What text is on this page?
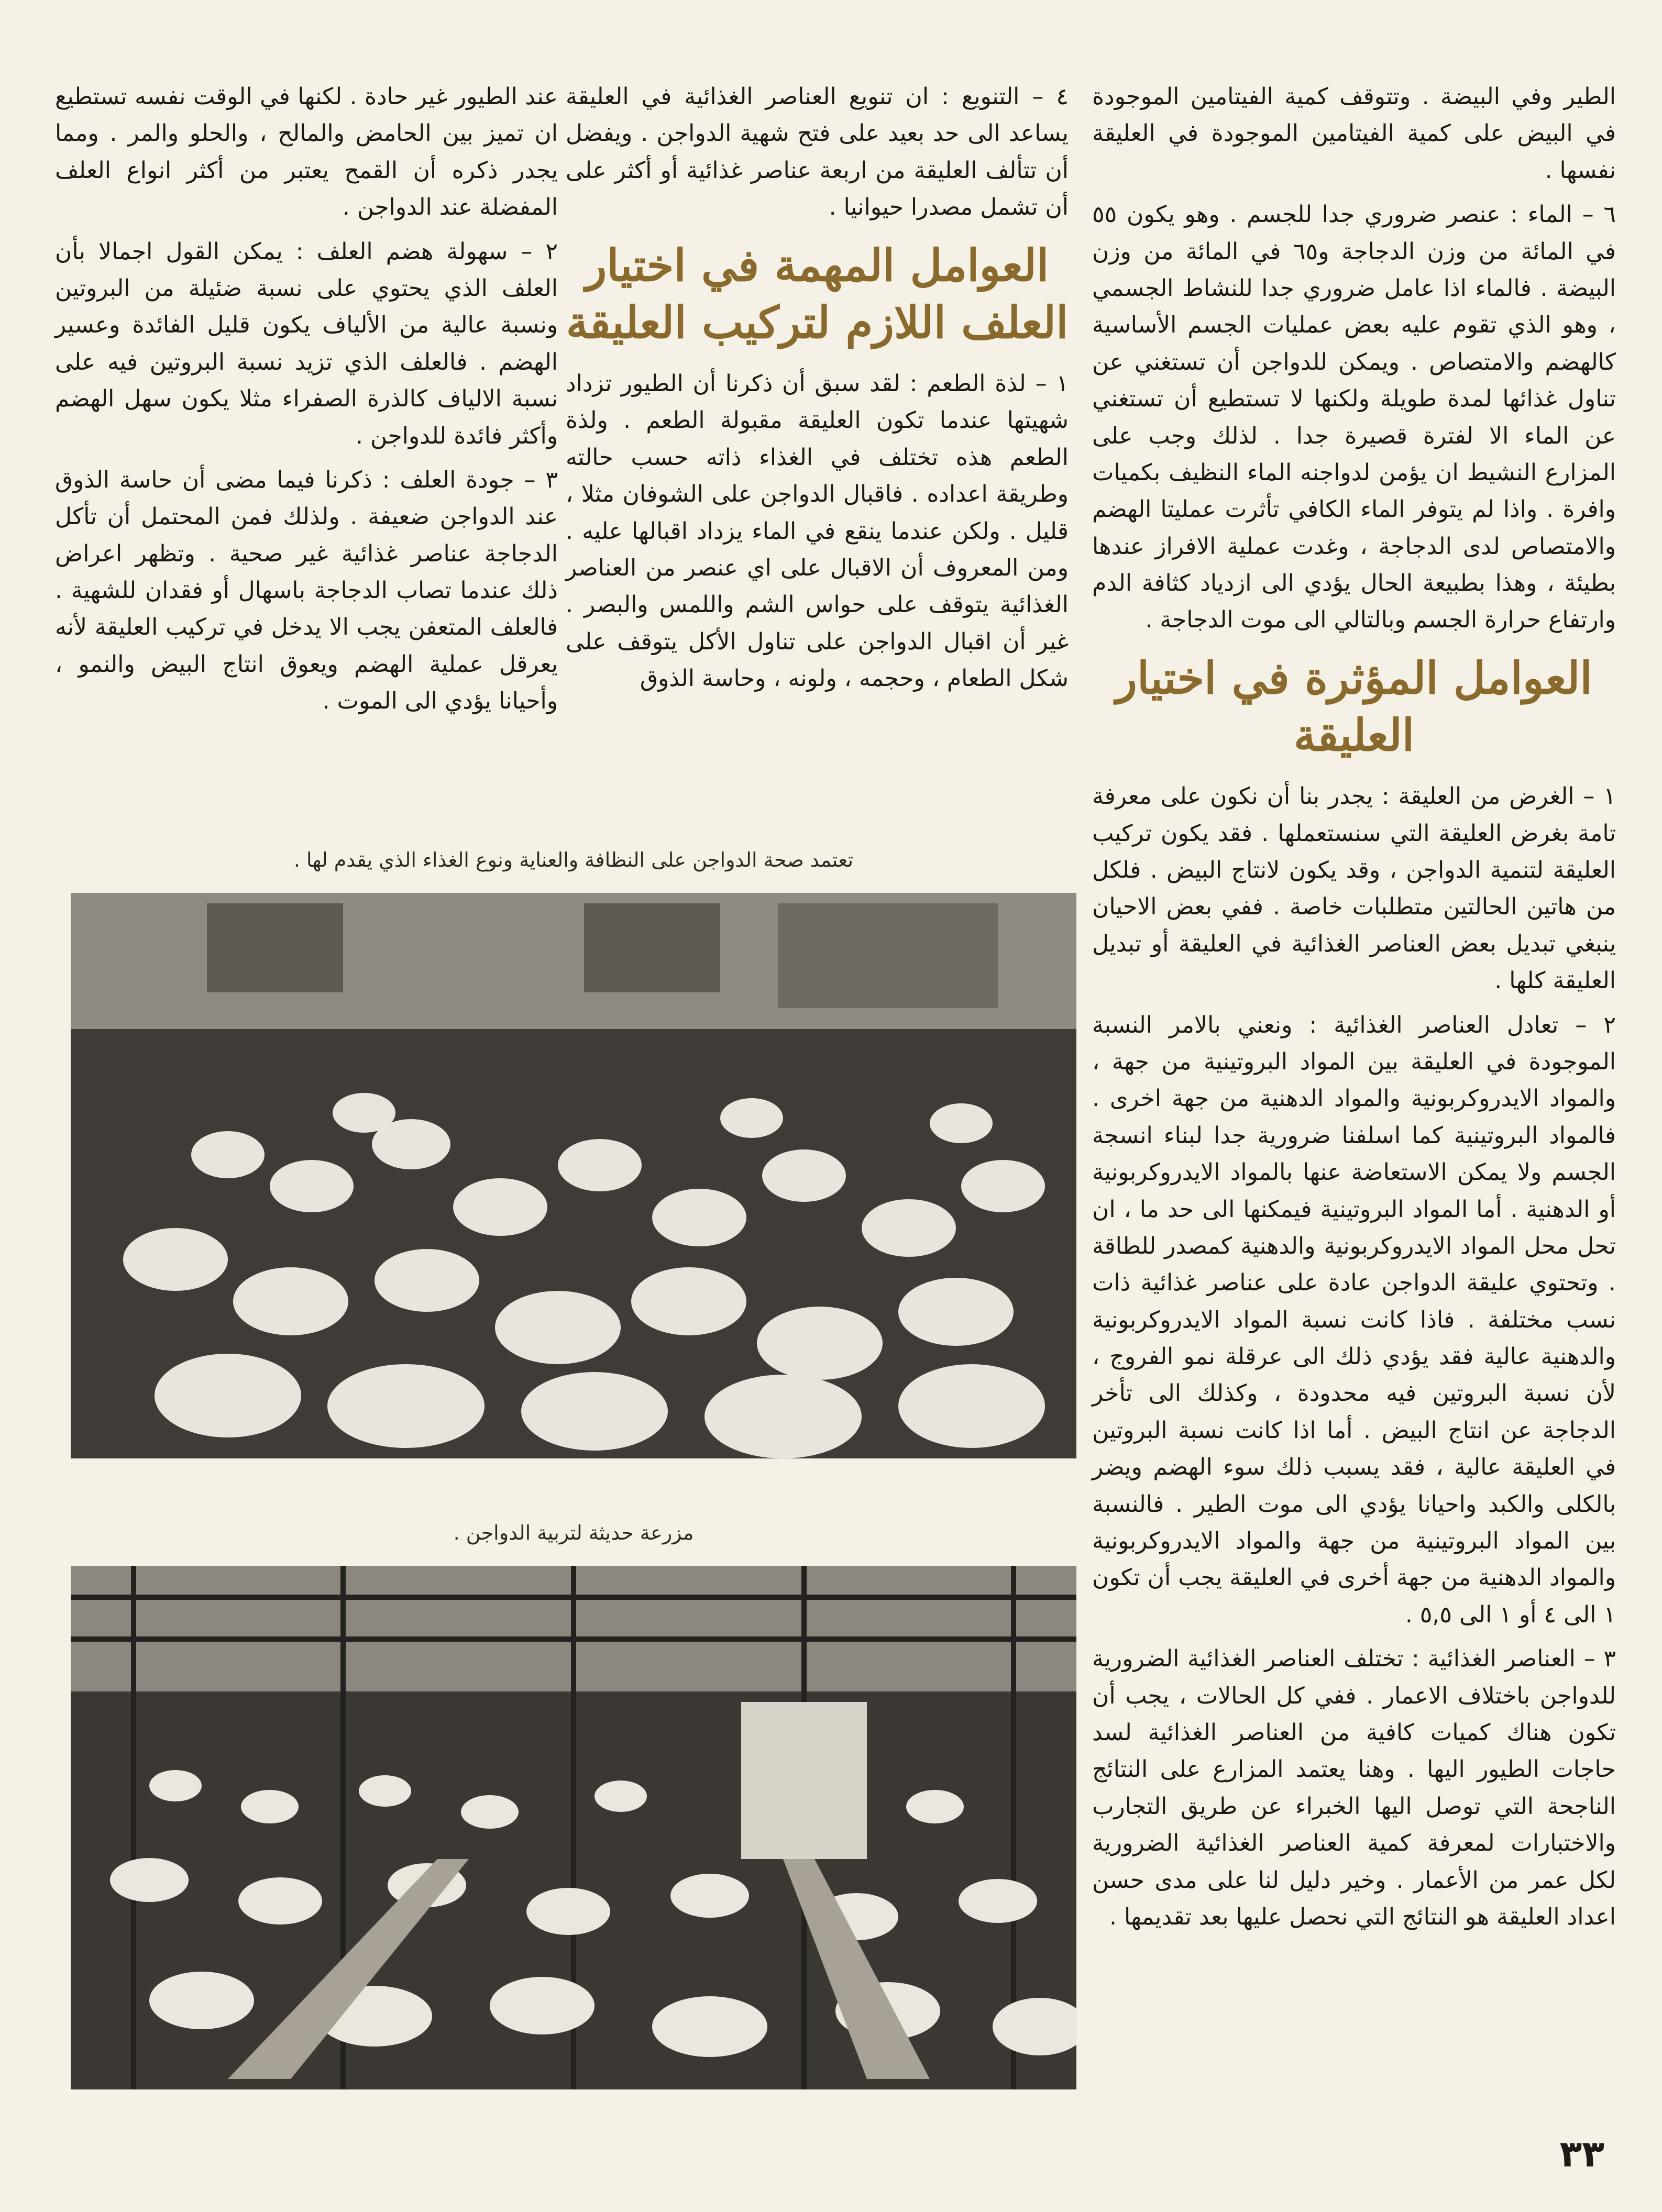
الطير وفي البيضة . وتتوقف كمية الفيتامين الموجودة في البيض على كمية الفيتامين الموجودة في العليقة نفسها .

٦ – الماء : عنصر ضروري جدا للجسم . وهو يكون ٥٥ في المائة من وزن الدجاجة و٦٥ في المائة من وزن البيضة . فالماء اذا عامل ضروري جدا للنشاط الجسمي ، وهو الذي تقوم عليه بعض عمليات الجسم الأساسية كالهضم والامتصاص . ويمكن للدواجن أن تستغني عن تناول غذائها لمدة طويلة ولكنها لا تستطيع أن تستغني عن الماء الا لفترة قصيرة جدا . لذلك وجب على المزارع النشيط ان يؤمن لدواجنه الماء النظيف بكميات وافرة . واذا لم يتوفر الماء الكافي تأثرت عمليتا الهضم والامتصاص لدى الدجاجة ، وغدت عملية الافراز عندها بطيئة ، وهذا بطبيعة الحال يؤدي الى ازدياد كثافة الدم وارتفاع حرارة الجسم وبالتالي الى موت الدجاجة .

العوامل المؤثرة في اختيار العليقة

١ – الغرض من العليقة : يجدر بنا أن نكون على معرفة تامة بغرض العليقة التي سنستعملها . فقد يكون تركيب العليقة لتنمية الدواجن ، وقد يكون لانتاج البيض . فلكل من هاتين الحالتين متطلبات خاصة . ففي بعض الاحيان ينبغي تبديل بعض العناصر الغذائية في العليقة أو تبديل العليقة كلها .

٢ – تعادل العناصر الغذائية : ونعني بالامر النسبة الموجودة في العليقة بين المواد البروتينية من جهة ، والمواد الايدروكربونية والمواد الدهنية من جهة اخرى . فالمواد البروتينية كما اسلفنا ضرورية جدا لبناء انسجة الجسم ولا يمكن الاستعاضة عنها بالمواد الايدروكربونية أو الدهنية . أما المواد البروتينية فيمكنها الى حد ما ، ان تحل محل المواد الايدروكربونية والدهنية كمصدر للطاقة . وتحتوي عليقة الدواجن عادة على عناصر غذائية ذات نسب مختلفة . فاذا كانت نسبة المواد الايدروكربونية والدهنية عالية فقد يؤدي ذلك الى عرقلة نمو الفروج ، لأن نسبة البروتين فيه محدودة ، وكذلك الى تأخر الدجاجة عن انتاج البيض . أما اذا كانت نسبة البروتين في العليقة عالية ، فقد يسبب ذلك سوء الهضم ويضر بالكلى والكبد واحيانا يؤدي الى موت الطير . فالنسبة بين المواد البروتينية من جهة والمواد الايدروكربونية والمواد الدهنية من جهة أخرى في العليقة يجب أن تكون ١ الى ٤ أو ١ الى ٥,٥ .

٣ – العناصر الغذائية : تختلف العناصر الغذائية الضرورية للدواجن باختلاف الاعمار . ففي كل الحالات ، يجب أن تكون هناك كميات كافية من العناصر الغذائية لسد حاجات الطيور اليها . وهنا يعتمد المزارع على النتائج الناجحة التي توصل اليها الخبراء عن طريق التجارب والاختبارات لمعرفة كمية العناصر الغذائية الضرورية لكل عمر من الأعمار . وخير دليل لنا على مدى حسن اعداد العليقة هو النتائج التي نحصل عليها بعد تقديمها .

٤ – التنويع : ان تنويع العناصر الغذائية في العليقة يساعد الى حد بعيد على فتح شهية الدواجن . ويفضل أن تتألف العليقة من اربعة عناصر غذائية أو أكثر على أن تشمل مصدرا حيوانيا .

العوامل المهمة في اختيار العلف اللازم لتركيب العليقة

١ – لذة الطعم : لقد سبق أن ذكرنا أن الطيور تزداد شهيتها عندما تكون العليقة مقبولة الطعم . ولذة الطعم هذه تختلف في الغذاء ذاته حسب حالته وطريقة اعداده . فاقبال الدواجن على الشوفان مثلا ، قليل . ولكن عندما ينقع في الماء يزداد اقبالها عليه . ومن المعروف أن الاقبال على اي عنصر من العناصر الغذائية يتوقف على حواس الشم واللمس والبصر . غير أن اقبال الدواجن على تناول الأكل يتوقف على شكل الطعام ، وحجمه ، ولونه ، وحاسة الذوق

عند الطيور غير حادة . لكنها في الوقت نفسه تستطيع ان تميز بين الحامض والمالح ، والحلو والمر . ومما يجدر ذكره أن القمح يعتبر من أكثر انواع العلف المفضلة عند الدواجن .

٢ – سهولة هضم العلف : يمكن القول اجمالا بأن العلف الذي يحتوي على نسبة ضئيلة من البروتين ونسبة عالية من الألياف يكون قليل الفائدة وعسير الهضم . فالعلف الذي تزيد نسبة البروتين فيه على نسبة الالياف كالذرة الصفراء مثلا يكون سهل الهضم وأكثر فائدة للدواجن .

٣ – جودة العلف : ذكرنا فيما مضى أن حاسة الذوق عند الدواجن ضعيفة . ولذلك فمن المحتمل أن تأكل الدجاجة عناصر غذائية غير صحية . وتظهر اعراض ذلك عندما تصاب الدجاجة باسهال أو فقدان للشهية . فالعلف المتعفن يجب الا يدخل في تركيب العليقة لأنه يعرقل عملية الهضم ويعوق انتاج البيض والنمو ، وأحيانا يؤدي الى الموت .

تعتمد صحة الدواجن على النظافة والعناية ونوع الغذاء الذي يقدم لها .
مزرعة حديثة لتربية الدواجن .
٣٣
